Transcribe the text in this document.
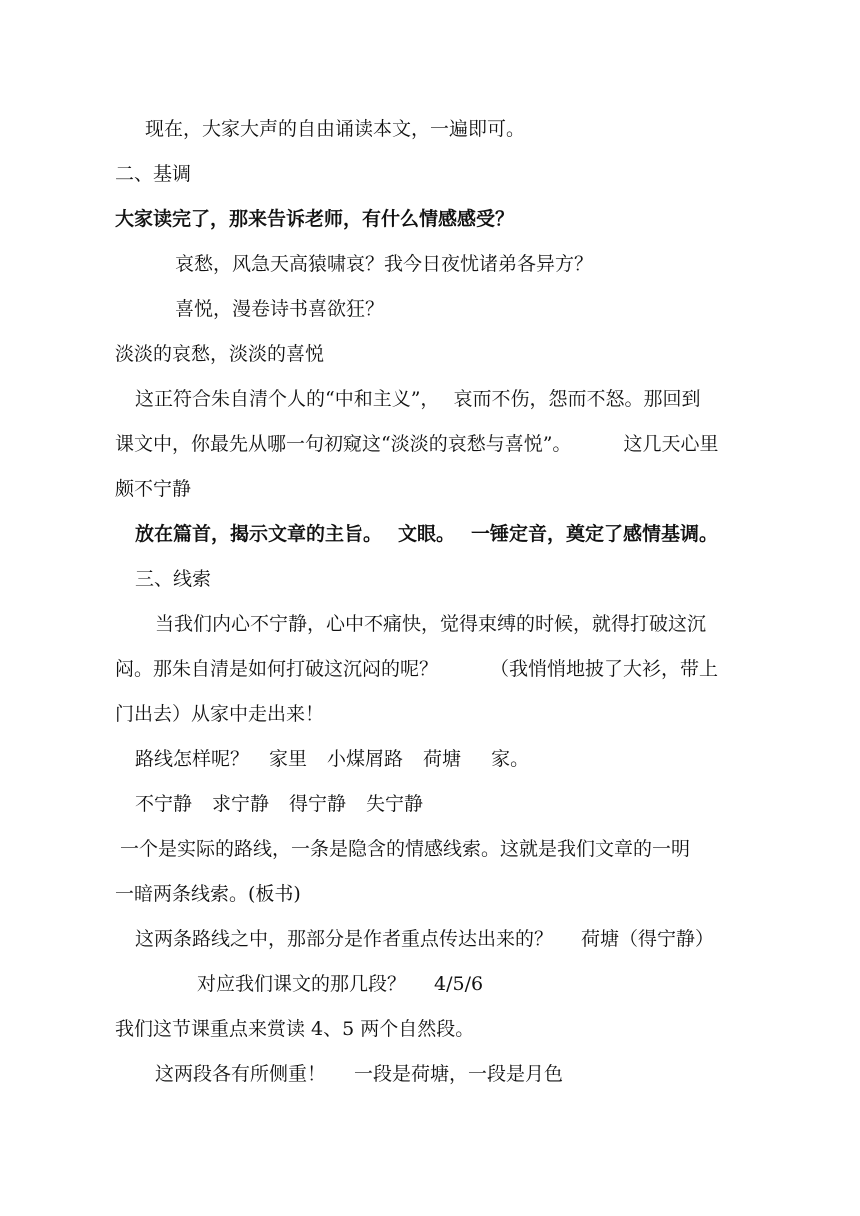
现在，大家大声的自由诵读本文，一遍即可。
二、基调
大家读完了，那来告诉老师，有什么情感感受？
哀愁，风急天高猿啸哀？我今日夜忧诸弟各异方？
喜悦，漫卷诗书喜欲狂？
淡淡的哀愁，淡淡的喜悦
这正符合朱自清个人的“中和主义”， 哀而不伤，怨而不怒。那回到
课文中，你最先从哪一句初窥这“淡淡的哀愁与喜悦”。	这几天心里
颇不宁静
放在篇首，揭示文章的主旨。 文眼。 一锤定音，奠定了感情基调。
三、线索
当我们内心不宁静，心中不痛快，觉得束缚的时候，就得打破这沉
闷。那朱自清是如何打破这沉闷的呢？	（我悄悄地披了大衫，带上
门出去）从家中走出来！
路线怎样呢？ 家里 小煤屑路 荷塘 家。
不宁静 求宁静 得宁静 失宁静
一个是实际的路线，一条是隐含的情感线索。这就是我们文章的一明
一暗两条线索。(板书)
这两条路线之中，那部分是作者重点传达出来的？ 荷塘（得宁静）
对应我们课文的那几段？ 4/5/6
我们这节课重点来赏读 4、5 两个自然段。
这两段各有所侧重！ 一段是荷塘，一段是月色
